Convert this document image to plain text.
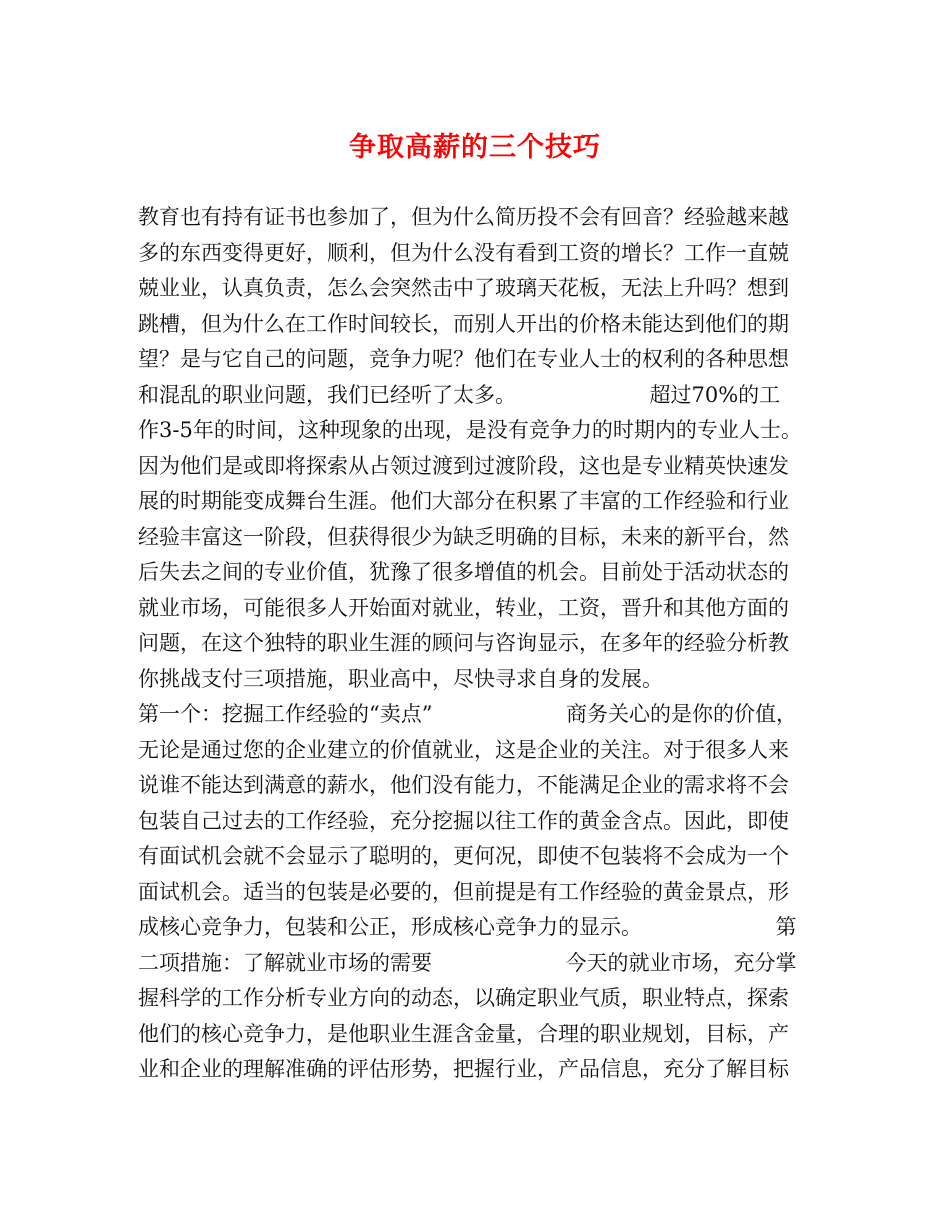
争取高薪的三个技巧
教育也有持有证书也参加了，但为什么简历投不会有回音？经验越来越
多的东西变得更好，顺利，但为什么没有看到工资的增长？工作一直兢
兢业业，认真负责，怎么会突然击中了玻璃天花板，无法上升吗？想到
跳槽，但为什么在工作时间较长，而别人开出的价格未能达到他们的期
望？是与它自己的问题，竞争力呢？他们在专业人士的权利的各种思想
和混乱的职业问题，我们已经听了太多。                    超过70%的工
作3-5年的时间，这种现象的出现，是没有竞争力的时期内的专业人士。
因为他们是或即将探索从占领过渡到过渡阶段，这也是专业精英快速发
展的时期能变成舞台生涯。他们大部分在积累了丰富的工作经验和行业
经验丰富这一阶段，但获得很少为缺乏明确的目标，未来的新平台，然
后失去之间的专业价值，犹豫了很多增值的机会。目前处于活动状态的
就业市场，可能很多人开始面对就业，转业，工资，晋升和其他方面的
问题，在这个独特的职业生涯的顾问与咨询显示，在多年的经验分析教
你挑战支付三项措施，职业高中，尽快寻求自身的发展。
第一个：挖掘工作经验的“卖点”                    商务关心的是你的价值，
无论是通过您的企业建立的价值就业，这是企业的关注。对于很多人来
说谁不能达到满意的薪水，他们没有能力，不能满足企业的需求将不会
包装自己过去的工作经验，充分挖掘以往工作的黄金含点。因此，即使
有面试机会就不会显示了聪明的，更何况，即使不包装将不会成为一个
面试机会。适当的包装是必要的，但前提是有工作经验的黄金景点，形
成核心竞争力，包装和公正，形成核心竞争力的显示。                    第
二项措施：了解就业市场的需要                    今天的就业市场，充分掌
握科学的工作分析专业方向的动态，以确定职业气质，职业特点，探索
他们的核心竞争力，是他职业生涯含金量，合理的职业规划，目标，产
业和企业的理解准确的评估形势，把握行业，产品信息，充分了解目标
